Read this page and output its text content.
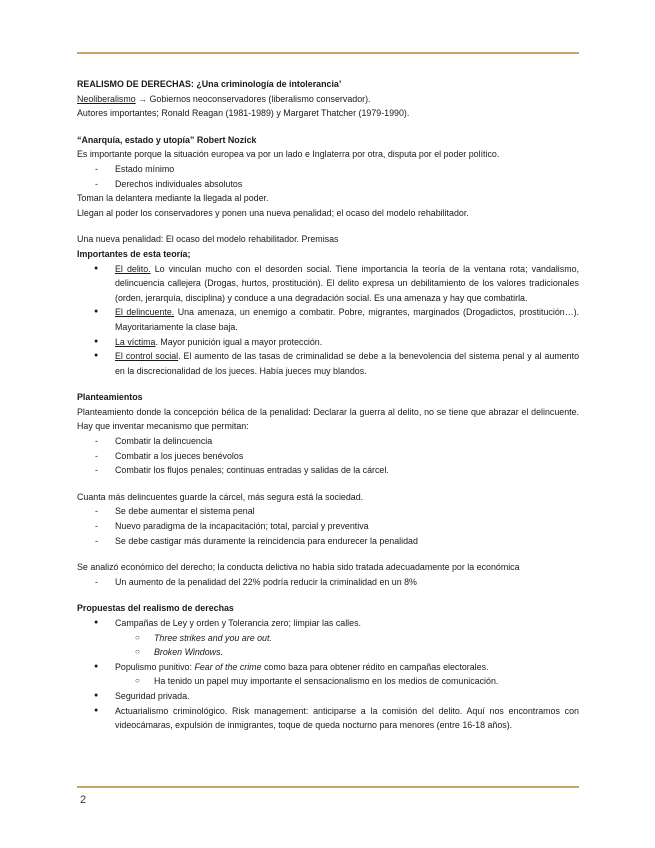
REALISMO DE DERECHAS: ¿Una criminología de intolerancia’

Neoliberalismo → Gobiernos neoconservadores (liberalismo conservador).

Autores importantes; Ronald Reagan (1981-1989) y Margaret Thatcher (1979-1990).

“Anarquía, estado y utopía” Robert Nozick

Es importante porque la situación europea va por un lado e Inglaterra por otra, disputa por el poder político.

- Estado mínimo
- Derechos individuales absolutos

Toman la delantera mediante la llegada al poder.

Llegan al poder los conservadores y ponen una nueva penalidad; el ocaso del modelo rehabilitador.

Una nueva penalidad: El ocaso del modelo rehabilitador. Premisas

Importantes de esta teoría;

● El delito. Lo vinculan mucho con el desorden social. Tiene importancia la teoría de la ventana rota; vandalismo, delincuencia callejera (Drogas, hurtos, prostitución). El delito expresa un debilitamiento de los valores tradicionales (orden, jerarquía, disciplina) y conduce a una degradación social. Es una amenaza y hay que combatirla.
● El delincuente. Una amenaza, un enemigo a combatir. Pobre, migrantes, marginados (Drogadictos, prostitución…). Mayoritariamente la clase baja.
● La víctima. Mayor punición igual a mayor protección.
● El control social. El aumento de las tasas de criminalidad se debe a la benevolencia del sistema penal y al aumento en la discrecionalidad de los jueces. Había jueces muy blandos.

Planteamientos

Planteamiento donde la concepción bélica de la penalidad: Declarar la guerra al delito, no se tiene que abrazar el delincuente. Hay que inventar mecanismo que permitan:

- Combatir la delincuencia
- Combatir a los jueces benévolos
- Combatir los flujos penales; continuas entradas y salidas de la cárcel.

Cuanta más delincuentes guarde la cárcel, más segura está la sociedad.

- Se debe aumentar el sistema penal
- Nuevo paradigma de la incapacitación; total, parcial y preventiva
- Se debe castigar más duramente la reincidencia para endurecer la penalidad

Se analizó económico del derecho; la conducta delictiva no había sido tratada adecuadamente por la económica

- Un aumento de la penalidad del 22% podría reducir la criminalidad en un 8%

Propuestas del realismo de derechas

● Campañas de Ley y orden y Tolerancia zero; limpiar las calles.
○ Three strikes and you are out.
○ Broken Windows.
● Populismo punitivo: Fear of the crime como baza para obtener rédito en campañas electorales.
○ Ha tenido un papel muy importante el sensacionalismo en los medios de comunicación.
● Seguridad privada.
● Actuarialismo criminológico. Risk management: anticiparse a la comisión del delito. Aquí nos encontramos con videocámaras, expulsión de inmigrantes, toque de queda nocturno para menores (entre 16-18 años).
2
